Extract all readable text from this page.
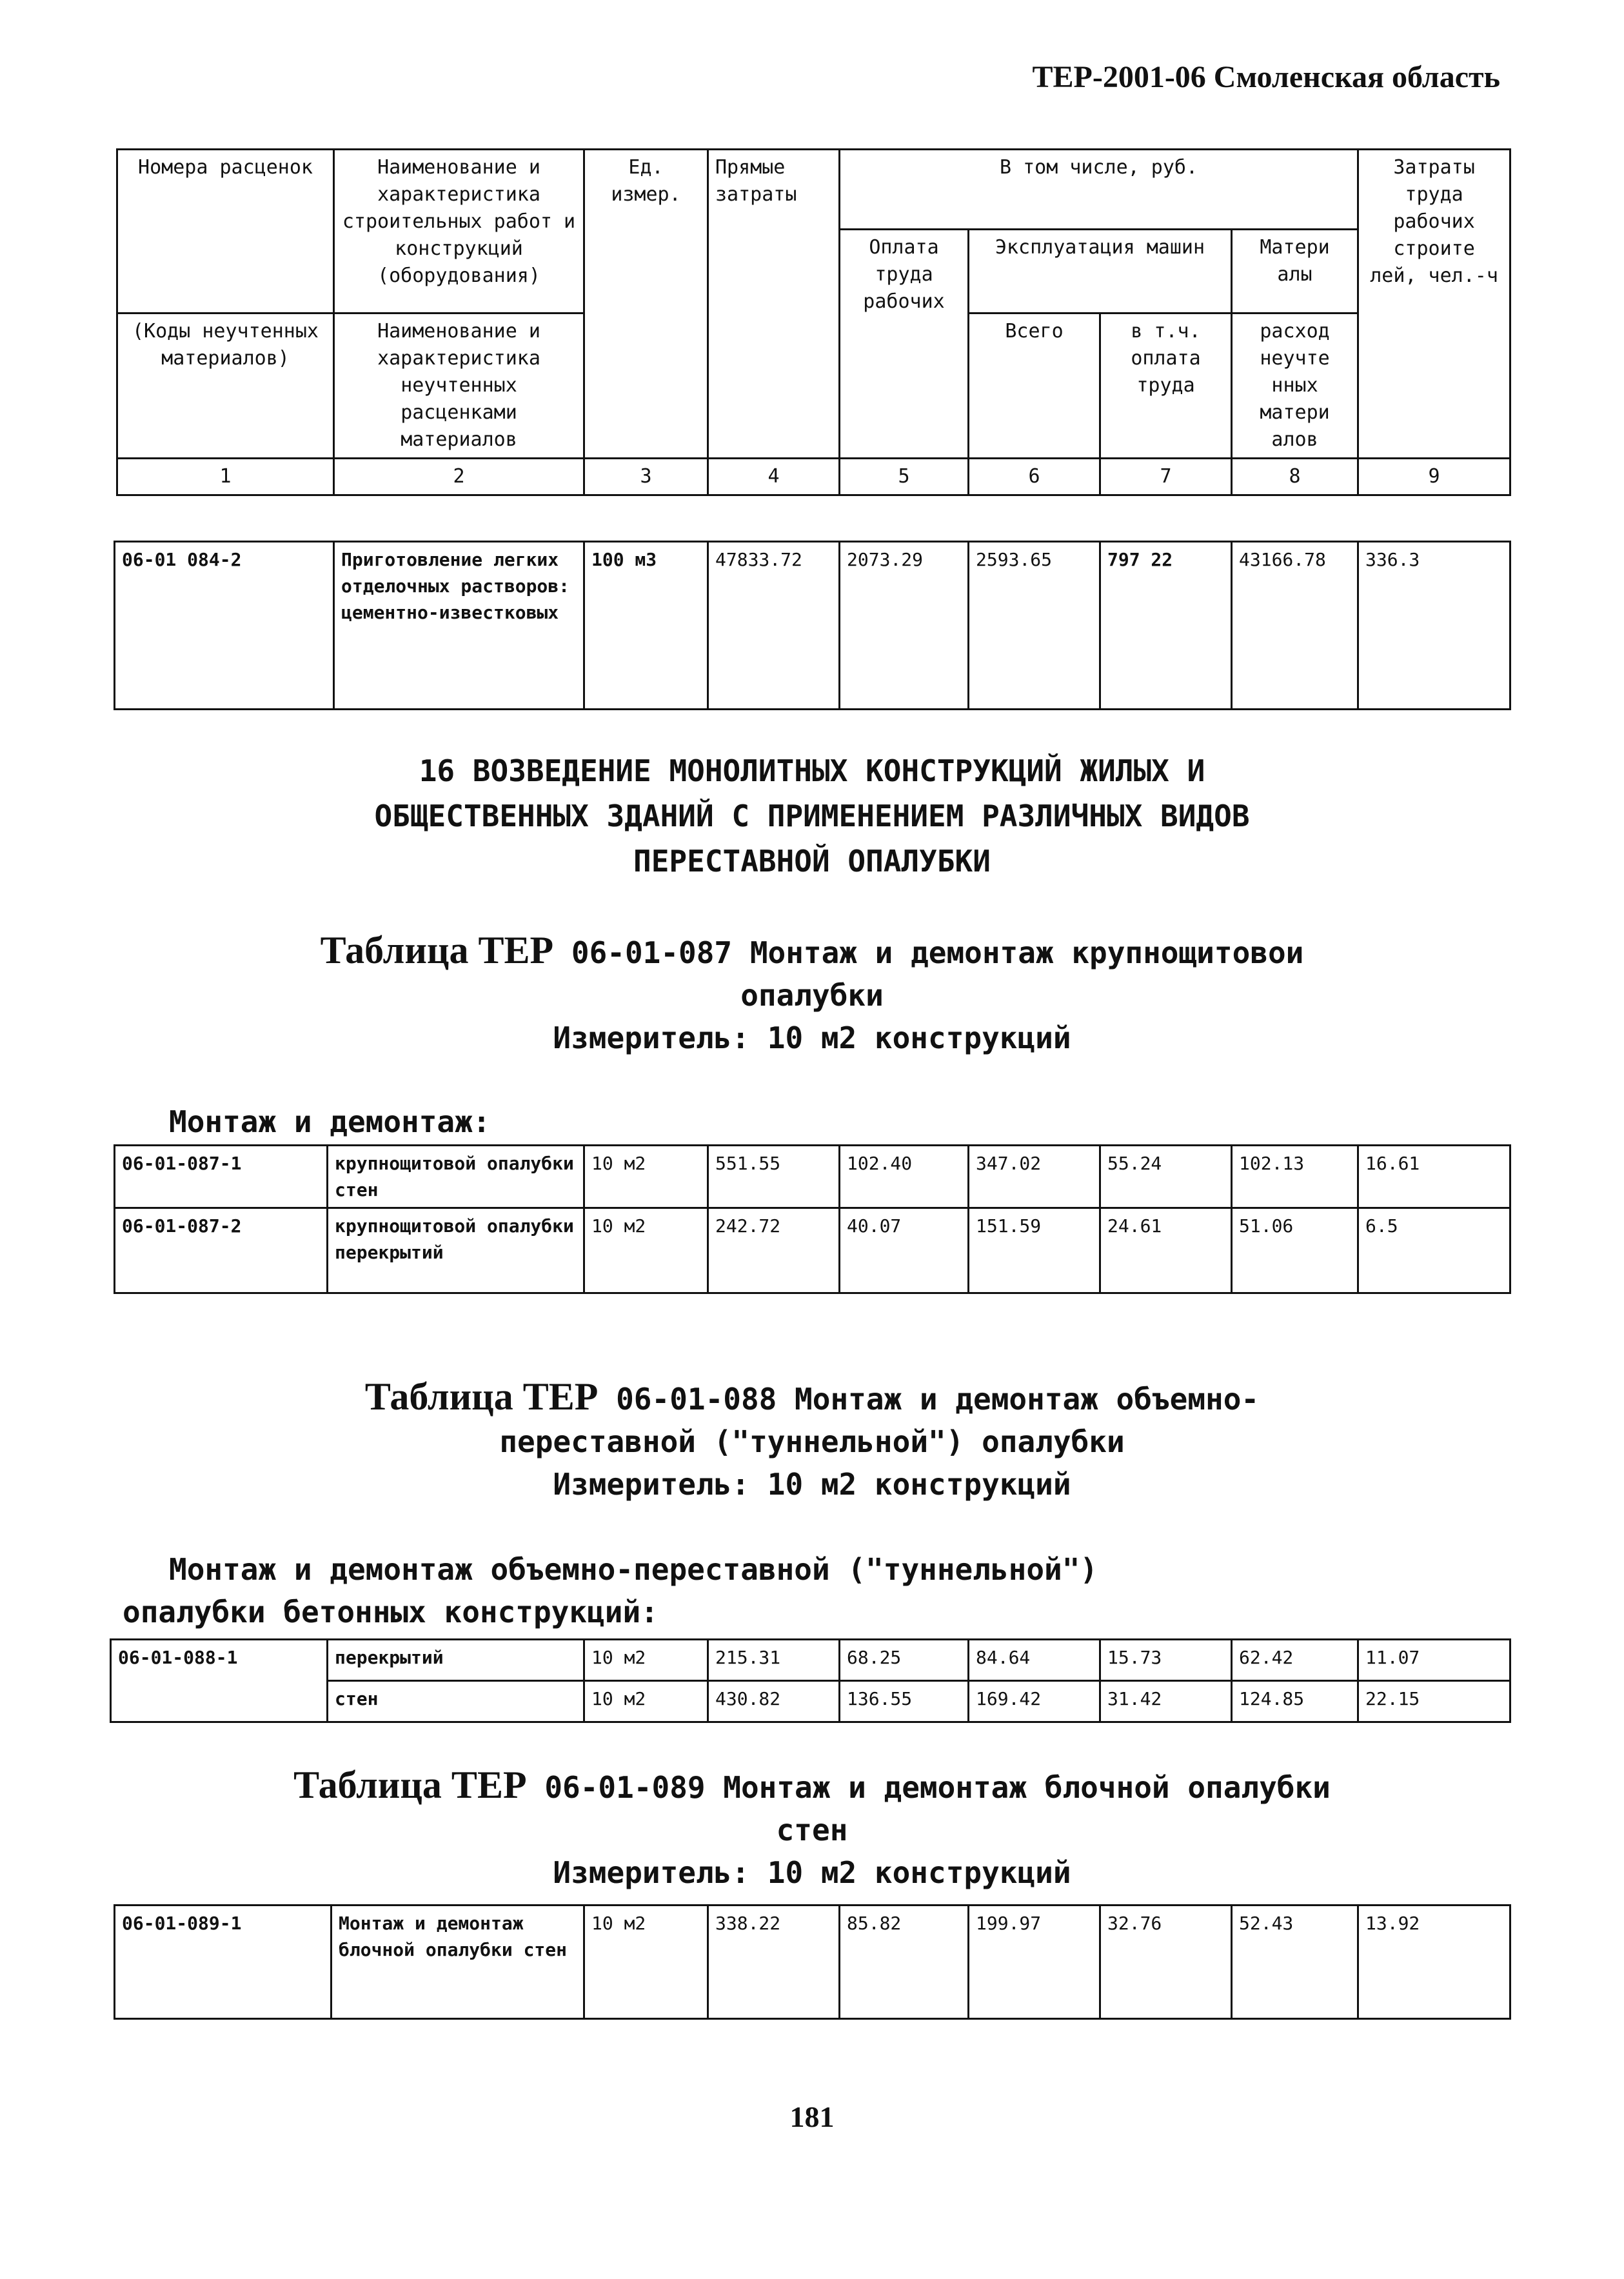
ТЕР-2001-06 Смоленская область
Номера расценок	Наименование и характеристика строительных работ и конструкций (оборудования)	Ед. измер.	Прямые затраты	В том числе, руб.				Затраты труда рабочих строите лей, чел.-ч
				Оплата труда рабочих	Эксплуатация машин		Матери алы	
(Коды неучтенных материалов)	Наименование и характеристика неучтенных расценками материалов				Всего	в т.ч. оплата труда	расход неучте нных матери алов	

1	2	3	4	5	6	7	8	9
06-01 084-2	Приготовление легких отделочных растворов: цементно-известковых	100 м3	47833.72	2073.29	2593.65	797 22	43166.78	336.3
16 ВОЗВЕДЕНИЕ МОНОЛИТНЫХ КОНСТРУКЦИЙ ЖИЛЫХ И
ОБЩЕСТВЕННЫХ ЗДАНИЙ С ПРИМЕНЕНИЕМ РАЗЛИЧНЫХ ВИДОВ
ПЕРЕСТАВНОЙ ОПАЛУБКИ
Таблица ТЕР 06-01-087 Монтаж и демонтаж крупнощитовои
опалубки
Измеритель: 10 м2 конструкций
Монтаж и демонтаж:
06-01-087-1	крупнощитовой опалубки стен	10 м2	551.55	102.40	347.02	55.24	102.13	16.61
06-01-087-2	крупнощитовой опалубки перекрытий	10 м2	242.72	40.07	151.59	24.61	51.06	6.5
Таблица ТЕР 06-01-088 Монтаж и демонтаж объемно-
переставной ("туннельной") опалубки
Измеритель: 10 м2 конструкций
Монтаж и демонтаж объемно-переставной ("туннельной")
опалубки бетонных конструкций:
06-01-088-1	перекрытий	10 м2	215.31	68.25	84.64	15.73	62.42	11.07
	стен	10 м2	430.82	136.55	169.42	31.42	124.85	22.15
Таблица ТЕР 06-01-089 Монтаж и демонтаж блочной опалубки
стен
Измеритель: 10 м2 конструкций
06-01-089-1	Монтаж и демонтаж блочной опалубки стен	10 м2	338.22	85.82	199.97	32.76	52.43	13.92
181
